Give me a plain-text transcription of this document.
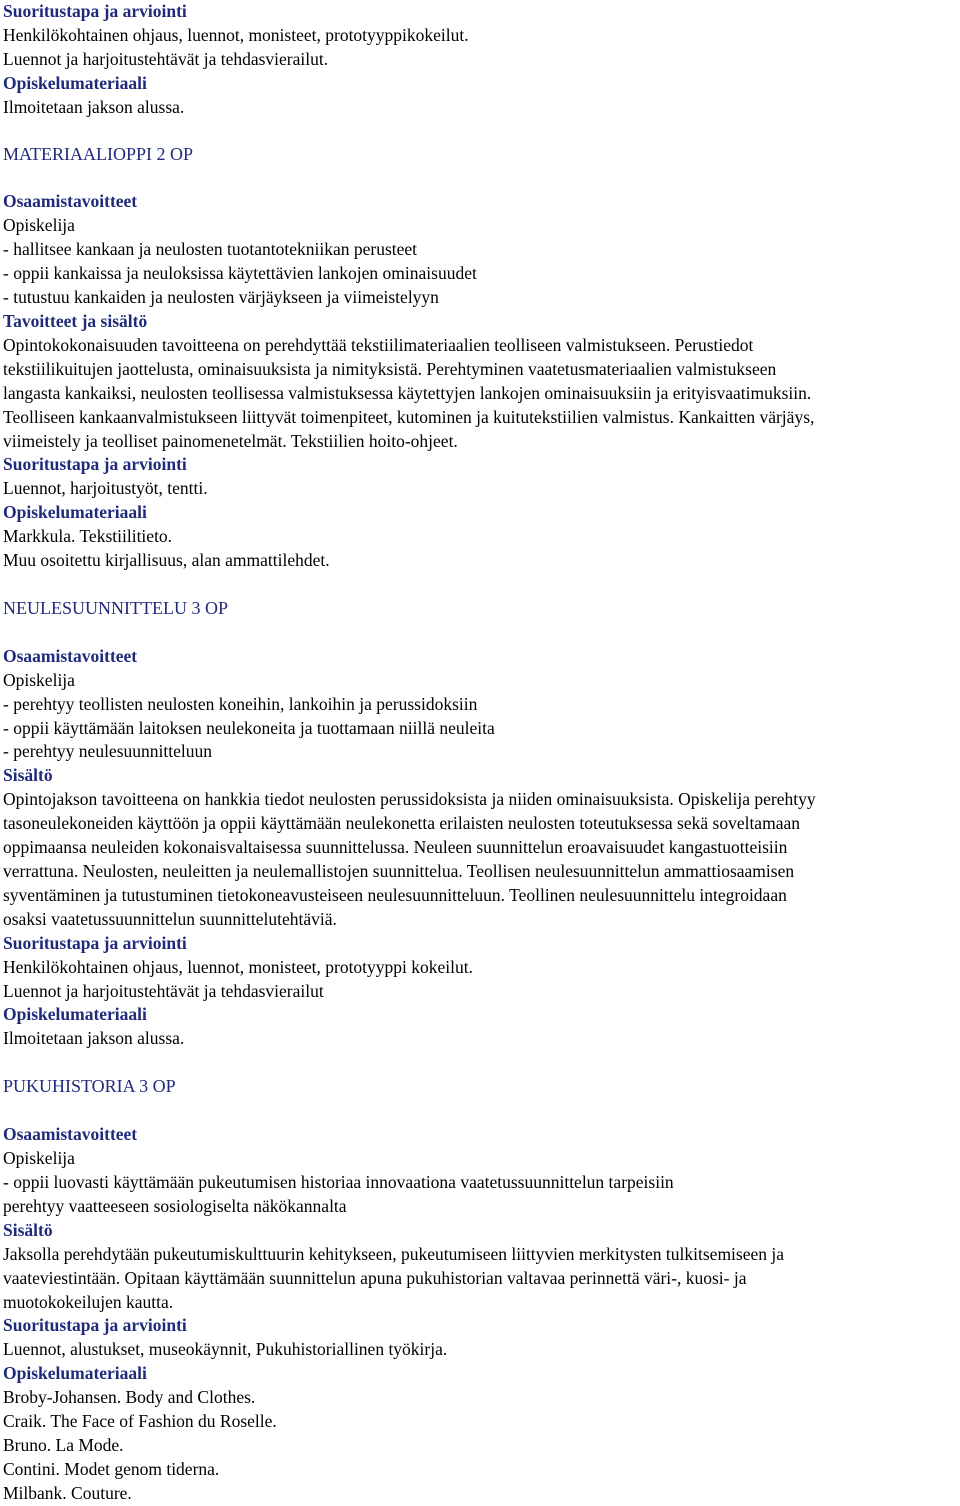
Suoritustapa ja arviointi
Henkilökohtainen ohjaus, luennot, monisteet, prototyyppikokeilut.
Luennot ja harjoitustehtävät ja tehdasvierailut.
Opiskelumateriaali
Ilmoitetaan jakson alussa.
MATERIAALIOPPI 2 OP
Osaamistavoitteet
Opiskelija
- hallitsee kankaan ja neulosten tuotantotekniikan perusteet
- oppii kankaissa ja neuloksissa käytettävien lankojen ominaisuudet
- tutustuu kankaiden ja neulosten värjäykseen ja viimeistelyyn
Tavoitteet ja sisältö
Opintokokonaisuuden tavoitteena on perehdyttää tekstiilimateriaalien teolliseen valmistukseen. Perustiedot
tekstiilikuitujen jaottelusta, ominaisuuksista ja nimityksistä. Perehtyminen vaatetusmateriaalien valmistukseen
langasta kankaiksi, neulosten teollisessa valmistuksessa käytettyjen lankojen ominaisuuksiin ja erityisvaatimuksiin.
Teolliseen kankaanvalmistukseen liittyvät toimenpiteet, kutominen ja kuitutekstiilien valmistus. Kankaitten värjäys,
viimeistely ja teolliset painomenetelmät. Tekstiilien hoito-ohjeet.
Suoritustapa ja arviointi
Luennot, harjoitustyöt, tentti.
Opiskelumateriaali
Markkula. Tekstiilitieto.
Muu osoitettu kirjallisuus, alan ammattilehdet.
NEULESUUNNITTELU 3 OP
Osaamistavoitteet
Opiskelija
- perehtyy teollisten neulosten koneihin, lankoihin ja perussidoksiin
- oppii käyttämään laitoksen neulekoneita ja tuottamaan niillä neuleita
- perehtyy neulesuunnitteluun
Sisältö
Opintojakson tavoitteena on hankkia tiedot neulosten perussidoksista ja niiden ominaisuuksista. Opiskelija perehtyy
tasoneulekoneiden käyttöön ja oppii käyttämään neulekonetta erilaisten neulosten toteutuksessa sekä soveltamaan
oppimaansa neuleiden kokonaisvaltaisessa suunnittelussa. Neuleen suunnittelun eroavaisuudet kangastuotteisiin
verrattuna. Neulosten, neuleitten ja neulemallistojen suunnittelua. Teollisen neulesuunnittelun ammattiosaamisen
syventäminen ja tutustuminen tietokoneavusteiseen neulesuunnitteluun. Teollinen neulesuunnittelu integroidaan
osaksi vaatetussuunnittelun suunnittelutehtäviä.
Suoritustapa ja arviointi
Henkilökohtainen ohjaus, luennot, monisteet, prototyyppi kokeilut.
Luennot ja harjoitustehtävät ja tehdasvierailut
Opiskelumateriaali
Ilmoitetaan jakson alussa.
PUKUHISTORIA 3 OP
Osaamistavoitteet
Opiskelija
- oppii luovasti käyttämään pukeutumisen historiaa innovaationa vaatetussuunnittelun tarpeisiin
perehtyy vaatteeseen sosiologiselta näkökannalta
Sisältö
Jaksolla perehdytään pukeutumiskulttuurin kehitykseen, pukeutumiseen liittyvien merkitysten tulkitsemiseen ja
vaateviestintään. Opitaan käyttämään suunnittelun apuna pukuhistorian valtavaa perinnettä väri-, kuosi- ja
muotokokeilujen kautta.
Suoritustapa ja arviointi
Luennot, alustukset, museokäynnit, Pukuhistoriallinen työkirja.
Opiskelumateriaali
Broby-Johansen. Body and Clothes.
Craik. The Face of Fashion du Roselle.
Bruno. La Mode.
Contini. Modet genom tiderna.
Milbank. Couture.
